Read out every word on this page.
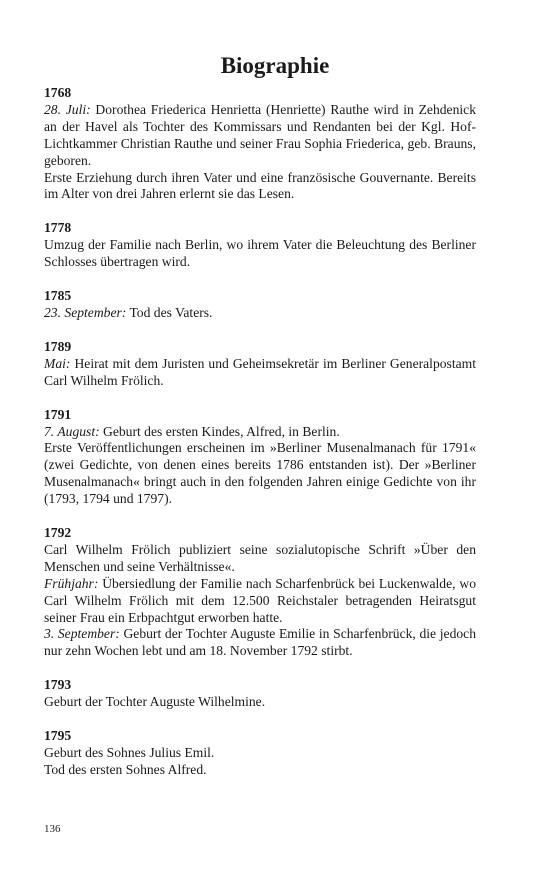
Biographie
1768
28. Juli: Dorothea Friederica Henrietta (Henriette) Rauthe wird in Zehdenick an der Havel als Tochter des Kommissars und Rendanten bei der Kgl. Hof-Lichtkammer Christian Rauthe und seiner Frau Sophia Friederica, geb. Brauns, geboren.
Erste Erziehung durch ihren Vater und eine französische Gouvernante. Bereits im Alter von drei Jahren erlernt sie das Lesen.
1778
Umzug der Familie nach Berlin, wo ihrem Vater die Beleuchtung des Berliner Schlosses übertragen wird.
1785
23. September: Tod des Vaters.
1789
Mai: Heirat mit dem Juristen und Geheimsekretär im Berliner Generalpostamt Carl Wilhelm Frölich.
1791
7. August: Geburt des ersten Kindes, Alfred, in Berlin.
Erste Veröffentlichungen erscheinen im »Berliner Musenalmanach für 1791« (zwei Gedichte, von denen eines bereits 1786 entstanden ist). Der »Berliner Musenalmanach« bringt auch in den folgenden Jahren einige Gedichte von ihr (1793, 1794 und 1797).
1792
Carl Wilhelm Frölich publiziert seine sozialutopische Schrift »Über den Menschen und seine Verhältnisse«.
Frühjahr: Übersiedlung der Familie nach Scharfenbrück bei Luckenwalde, wo Carl Wilhelm Frölich mit dem 12.500 Reichstaler betragenden Heiratsgut seiner Frau ein Erbpachtgut erworben hatte.
3. September: Geburt der Tochter Auguste Emilie in Scharfenbrück, die jedoch nur zehn Wochen lebt und am 18. November 1792 stirbt.
1793
Geburt der Tochter Auguste Wilhelmine.
1795
Geburt des Sohnes Julius Emil.
Tod des ersten Sohnes Alfred.
136
